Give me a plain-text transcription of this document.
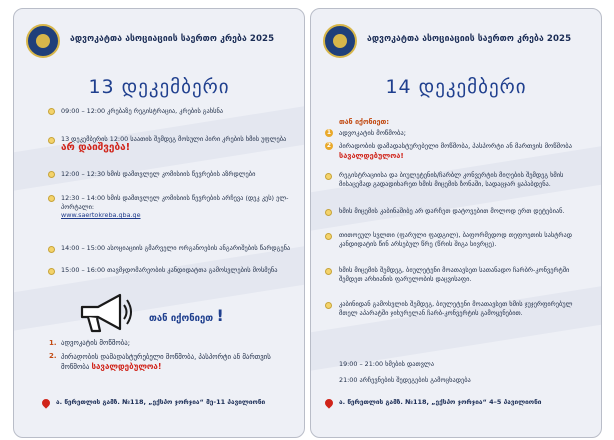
ადვოკატთა ასოციაციის საერთო კრება 2025
13 დეკემბერი
09:00 – 12:00 კრებაზე რეგისტრაცია, კრების გახსნა
13 დეკემბერის 12:00 საათის შემდეგ მოსული პირი კრების ხმის უფლება არ დაიშვება!
12:00 – 12:30 ხმის დამთვლელ კომისიის წევრების აზრდლები
12:30 – 14:00 ხმის დამთვლელ კომისიის წევრების არჩევა (დეკ კეს) ელ-პორტალი:
www.saertokreba.gba.ge
14:00 – 15:00 ასოციაციის გმარველი ორგანოების ანგარიშების წარდგენა
15:00 – 16:00 თავმჯდომარეობის კანდიდატთა გამოსვლების მოსმენა
თან იქონიეთ !
1. ადვოკატის მოწმობა;
2. პირადობის დამადასტურებელი მოწმობა, პასპორტი ან მართვის მოწმობა სავალდებულოა!
ა. წერეთლის გამზ. №118, „ექსპო ჯორჯია“ მე-11 პავილიონი
ადვოკატთა ასოციაციის საერთო კრება 2025
14 დეკემბერი
თან იქონიეთ:
1 ადვოკატის მოწმობა;
2 პირადობის დამადასტურებელი მოწმობა, პასპორტი ან მართვის მოწმობა სავალდებულოა!
რეგისტრაციისა და ბიულეტენის/ჩარბლ კონვერტის მიღების შემდეგ ხმის მისაცემად გადადიხარეთ ხმის მიცემის ზონაში, სადაცჯარ ყაპაბდენა.
ხმის მიცემის კაბინაშიბე არ დარჩეთ დატოვებით მოლოდ ერთ დეტებიან.
თითოეულ სვლთი (ფარული ფადგილ), ბაფორმედოდ თეფოეთის სასტრად კანდიდატის წინ არსებულ წრე (წრის შიგა სივრცე).
ხმის მიცემის შემდეგ, ბიულეტენი მოათავსეთ სათანადო ჩარბრ-კონვერტში შემდეთ არხიანის ფარულობის დაცვისაფი.
კაბინიდან გამოსვლის შემდეგ, ბიულეტენი მოათავსეთ ხმის ჯუჯერფირებულ მთელ აპარატში ჯიხურელან ჩარბ-კონვერტის გამოყენებით.
19:00 – 21:00 ხმების დათვლა
21:00 არჩევნების შედეგების გამოცხადება
ა. წერეთლის გამზ. №118, „ექსპო ჯორჯია“ 4–5 პავილიონი
